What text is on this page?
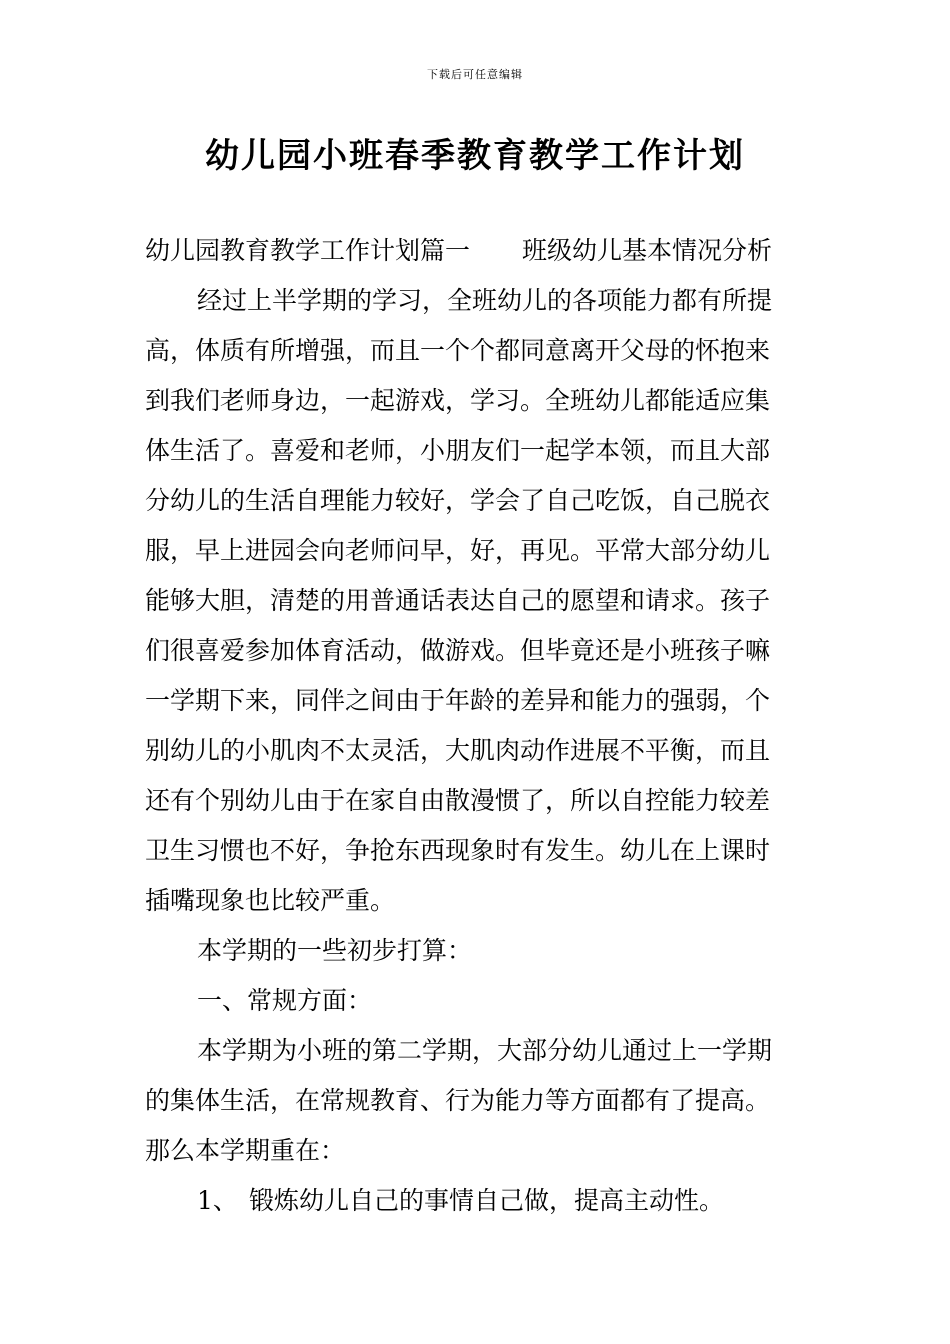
下载后可任意编辑
幼儿园小班春季教育教学工作计划
幼儿园教育教学工作计划篇一 班级幼儿基本情况分析
经过上半学期的学习，全班幼儿的各项能力都有所提
高，体质有所增强，而且一个个都同意离开父母的怀抱来
到我们老师身边，一起游戏，学习。全班幼儿都能适应集
体生活了。喜爱和老师，小朋友们一起学本领，而且大部
分幼儿的生活自理能力较好，学会了自己吃饭，自己脱衣
服，早上进园会向老师问早，好，再见。平常大部分幼儿
能够大胆，清楚的用普通话表达自己的愿望和请求。孩子
们很喜爱参加体育活动，做游戏。但毕竟还是小班孩子嘛
一学期下来，同伴之间由于年龄的差异和能力的强弱，个
别幼儿的小肌肉不太灵活，大肌肉动作进展不平衡，而且
还有个别幼儿由于在家自由散漫惯了，所以自控能力较差
卫生习惯也不好，争抢东西现象时有发生。幼儿在上课时
插嘴现象也比较严重。
本学期的一些初步打算：
一、常规方面：
本学期为小班的第二学期，大部分幼儿通过上一学期
的集体生活，在常规教育、行为能力等方面都有了提高。
那么本学期重在：
1、 锻炼幼儿自己的事情自己做，提高主动性。
